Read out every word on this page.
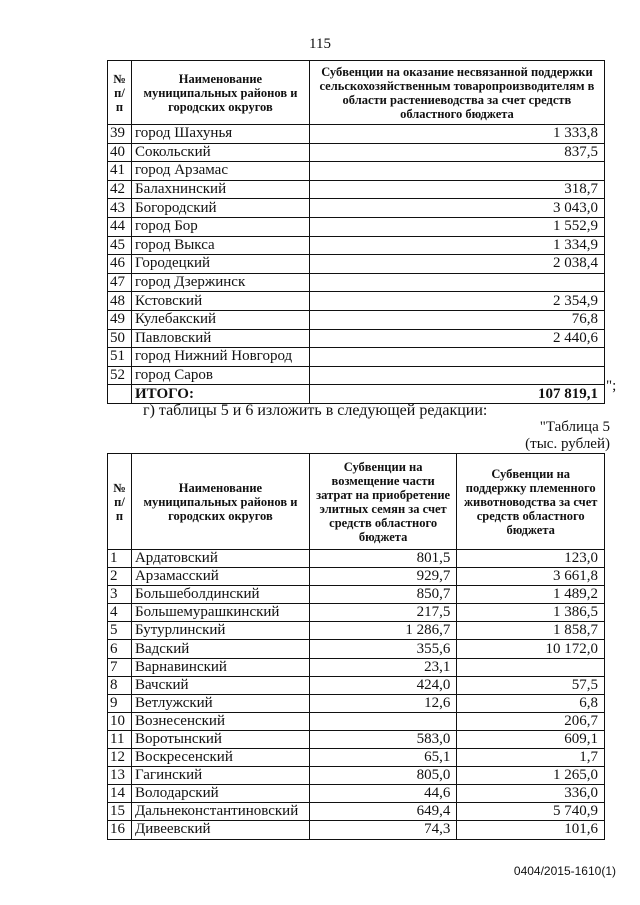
115
№ п/п	Наименование муниципальных районов и городских округов	Субвенции на оказание несвязанной поддержки сельскохозяйственным товаропроизводителям в области растениеводства за счет средств областного бюджета
39	город Шахунья	1 333,8
40	Сокольский	837,5
41	город Арзамас	
42	Балахнинский	318,7
43	Богородский	3 043,0
44	город Бор	1 552,9
45	город Выкса	1 334,9
46	Городецкий	2 038,4
47	город Дзержинск	
48	Кстовский	2 354,9
49	Кулебакский	76,8
50	Павловский	2 440,6
51	город Нижний Новгород	
52	город Саров	
	ИТОГО:	107 819,1 ";
г) таблицы 5 и 6 изложить в следующей редакции:
"Таблица 5
(тыс. рублей)
№ п/п	Наименование муниципальных районов и городских округов	Субвенции на возмещение части затрат на приобретение элитных семян за счет средств областного бюджета	Субвенции на поддержку племенного животноводства за счет средств областного бюджета
1	Ардатовский	801,5	123,0
2	Арзамасский	929,7	3 661,8
3	Большеболдинский	850,7	1 489,2
4	Большемурашкинский	217,5	1 386,5
5	Бутурлинский	1 286,7	1 858,7
6	Вадский	355,6	10 172,0
7	Варнавинский	23,1	
8	Вачский	424,0	57,5
9	Ветлужский	12,6	6,8
10	Вознесенский		206,7
11	Воротынский	583,0	609,1
12	Воскресенский	65,1	1,7
13	Гагинский	805,0	1 265,0
14	Володарский	44,6	336,0
15	Дальнеконстантиновский	649,4	5 740,9
16	Дивеевский	74,3	101,6
0404/2015-1610(1)
